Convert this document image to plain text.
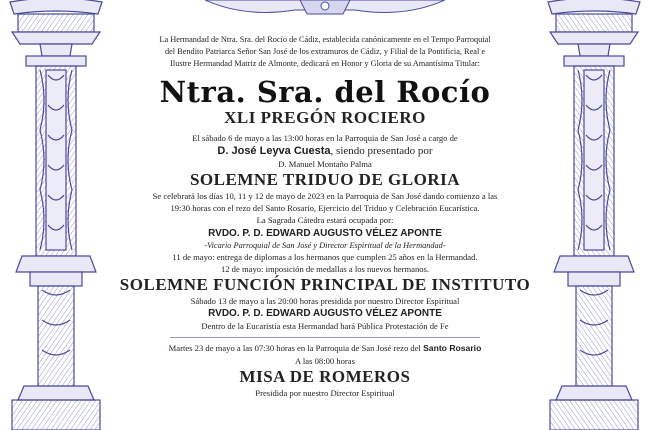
La Hermandad de Ntra. Sra. del Rocío de Cádiz, establecida canónicamente en el Tempo Parroquial

del Bendito Patriarca Señor San José de los extramuros de Cádiz, y Filial de la Pontificia, Real e

Ilustre Hermandad Matriz de Almonte, dedicará en Honor y Gloria de su Amantísima Titular:

Ntra. Sra. del Rocío
XLI PREGÓN ROCIERO

El sábado 6 de mayo a las 13:00 horas en la Parroquia de San José a cargo de

D. José Leyva Cuesta, siendo presentado por

D. Manuel Montaño Palma

SOLEMNE TRIDUO DE GLORIA

Se celebrará los días 10, 11 y 12 de mayo de 2023 en la Parroquia de San José dando comienzo a las

19:30 horas con el rezo del Santo Rosario, Ejercicio del Triduo y Celebración Eucarística.

La Sagrada Cátedra estará ocupada por:

RVDO. P. D. EDWARD AUGUSTO VÉLEZ APONTE

-Vicario Parroquial de San José y Director Espiritual de la Hermandad-

11 de mayo: entrega de diplomas a los hermanos que cumplen 25 años en la Hermandad.

12 de mayo: imposición de medallas a los nuevos hermanos.

SOLEMNE FUNCIÓN PRINCIPAL DE INSTITUTO

Sábado 13 de mayo a las 20:00 horas presidida por nuestro Director Espiritual

RVDO. P. D. EDWARD AUGUSTO VÉLEZ APONTE

Dentro de la Eucaristía esta Hermandad hará Pública Protestación de Fe

Martes 23 de mayo a las 07:30 horas en la Parroquia de San José rezo del Santo Rosario

A las 08:00 horas

MISA DE ROMEROS

Presidida por nuestro Director Espiritual
